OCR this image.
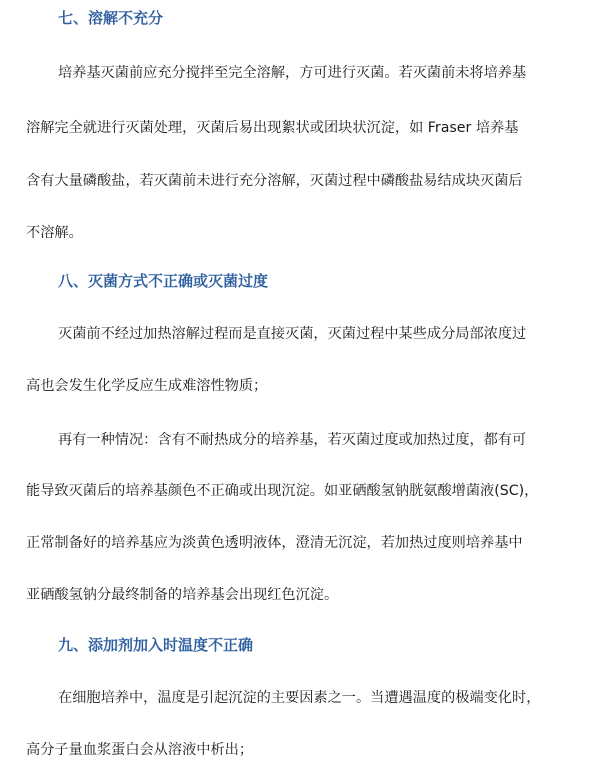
七、溶解不充分
培养基灭菌前应充分搅拌至完全溶解，方可进行灭菌。若灭菌前未将培养基
溶解完全就进行灭菌处理，灭菌后易出现絮状或团块状沉淀，如 Fraser 培养基
含有大量磷酸盐，若灭菌前未进行充分溶解，灭菌过程中磷酸盐易结成块灭菌后
不溶解。
八、灭菌方式不正确或灭菌过度
灭菌前不经过加热溶解过程而是直接灭菌，灭菌过程中某些成分局部浓度过
高也会发生化学反应生成难溶性物质；
再有一种情况：含有不耐热成分的培养基，若灭菌过度或加热过度，都有可
能导致灭菌后的培养基颜色不正确或出现沉淀。如亚硒酸氢钠胱氨酸增菌液(SC)，
正常制备好的培养基应为淡黄色透明液体，澄清无沉淀，若加热过度则培养基中
亚硒酸氢钠分最终制备的培养基会出现红色沉淀。
九、添加剂加入时温度不正确
在细胞培养中，温度是引起沉淀的主要因素之一。当遭遇温度的极端变化时，
高分子量血浆蛋白会从溶液中析出；
